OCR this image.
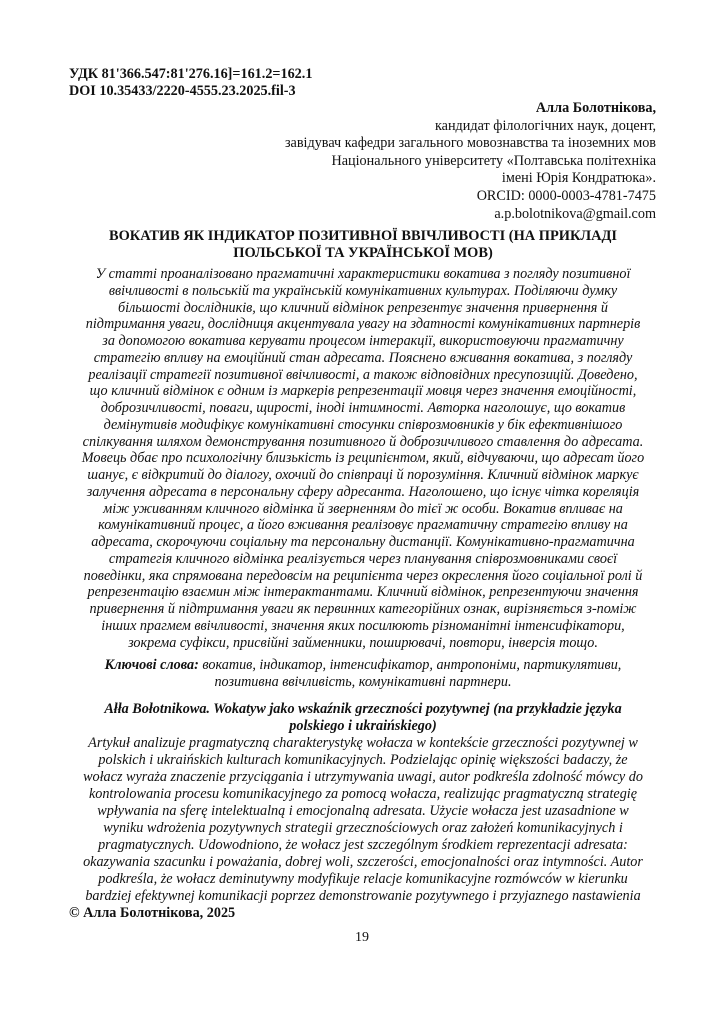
УДК 81'366.547:81'276.16]=161.2=162.1
DOI 10.35433/2220-4555.23.2025.fil-3
Алла Болотнікова,
кандидат філологічних наук, доцент,
завідувач кафедри загального мовознавства та іноземних мов
Національного університету «Полтавська політехніка
імені Юрія Кондратюка».
ORCID: 0000-0003-4781-7475
a.p.bolotnikova@gmail.com
ВОКАТИВ ЯК ІНДИКАТОР ПОЗИТИВНОЇ ВВІЧЛИВОСТІ (НА ПРИКЛАДІ
ПОЛЬСЬКОЇ ТА УКРАЇНСЬКОЇ МОВ)
У статті проаналізовано прагматичні характеристики вокатива з погляду позитивної
ввічливості в польській та українській комунікативних культурах. Поділяючи думку
більшості дослідників, що кличний відмінок репрезентує значення привернення й
підтримання уваги, дослідниця акцентувала увагу на здатності комунікативних партнерів
за допомогою вокатива керувати процесом інтеракції, використовуючи прагматичну
стратегію впливу на емоційний стан адресата. Пояснено вживання вокатива, з погляду
реалізації стратегії позитивної ввічливості, а також відповідних пресупозицій. Доведено,
що кличний відмінок є одним із маркерів репрезентації мовця через значення емоційності,
доброзичливості, поваги, щирості, іноді інтимності. Авторка наголошує, що вокатив
демінутивів модифікує комунікативні стосунки співрозмовників у бік ефективнішого
спілкування шляхом демонстрування позитивного й доброзичливого ставлення до адресата.
Мовець дбає про психологічну близькість із реципієнтом, який, відчуваючи, що адресат його
шанує, є відкритий до діалогу, охочий до співпраці й порозуміння. Кличний відмінок маркує
залучення адресата в персональну сферу адресанта. Наголошено, що існує чітка кореляція
між уживанням кличного відмінка й зверненням до тієї ж особи. Вокатив впливає на
комунікативний процес, а його вживання реалізовує прагматичну стратегію впливу на
адресата, скорочуючи соціальну та персональну дистанції. Комунікативно-прагматична
стратегія кличного відмінка реалізується через планування співрозмовниками своєї
поведінки, яка спрямована передовсім на реципієнта через окреслення його соціальної ролі й
репрезентацію взаємин між інтерактантами. Кличний відмінок, репрезентуючи значення
привернення й підтримання уваги як первинних категорійних ознак, вирізняється з-поміж
інших прагмем ввічливості, значення яких посилюють різноманітні інтенсифікатори,
зокрема суфікси, присвійні займенники, поширювачі, повтори, інверсія тощо.
Ключові слова: вокатив, індикатор, інтенсифікатор, антропоніми, партикулятиви,
позитивна ввічливість, комунікативні партнери.
Ałła Bołotnikowa. Wokatyw jako wskaźnik grzeczności pozytywnej (na przykładzie języka
polskiego i ukraińskiego)
Artykuł analizuje pragmatyczną charakterystykę wołacza w kontekście grzeczności pozytywnej w
polskich i ukraińskich kulturach komunikacyjnych. Podzielając opinię większości badaczy, że
wołacz wyraża znaczenie przyciągania i utrzymywania uwagi, autor podkreśla zdolność mówcy do
kontrolowania procesu komunikacyjnego za pomocą wołacza, realizując pragmatyczną strategię
wpływania na sferę intelektualną i emocjonalną adresata. Użycie wołacza jest uzasadnione w
wyniku wdrożenia pozytywnych strategii grzecznościowych oraz założeń komunikacyjnych i
pragmatycznych. Udowodniono, że wołacz jest szczególnym środkiem reprezentacji adresata:
okazywania szacunku i poważania, dobrej woli, szczerości, emocjonalności oraz intymności. Autor
podkreśla, że wołacz deminutywny modyfikuje relacje komunikacyjne rozmówców w kierunku
bardziej efektywnej komunikacji poprzez demonstrowanie pozytywnego i przyjaznego nastawienia
© Алла Болотнікова, 2025
19
